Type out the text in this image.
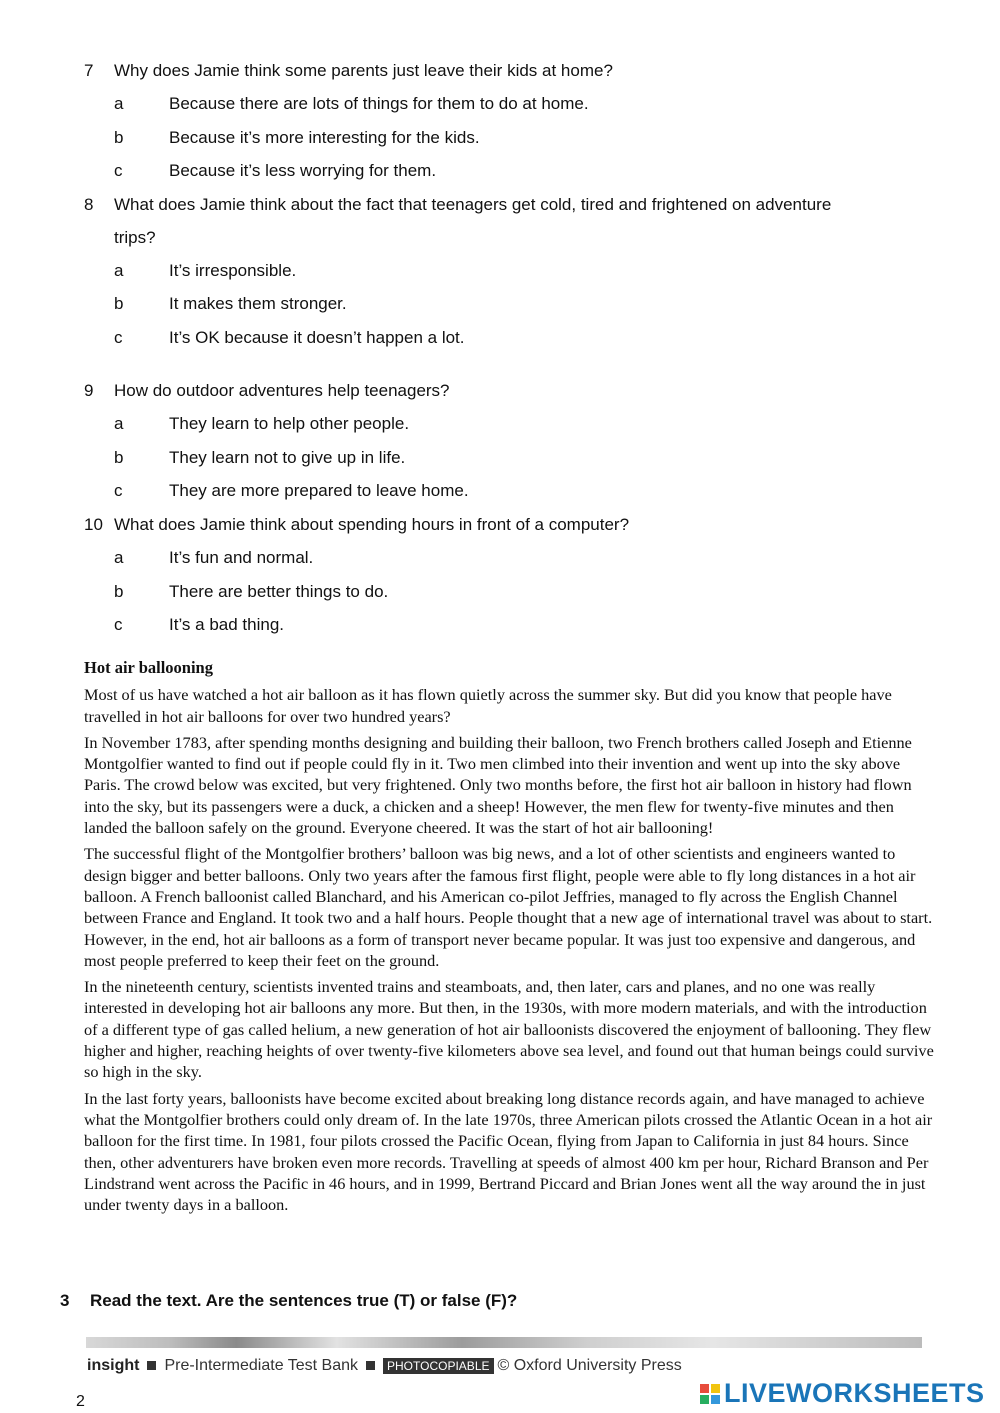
7 Why does Jamie think some parents just leave their kids at home?
a	Because there are lots of things for them to do at home.
b	Because it’s more interesting for the kids.
c	Because it’s less worrying for them.
8 What does Jamie think about the fact that teenagers get cold, tired and frightened on adventure
trips?
a	It’s irresponsible.
b	It makes them stronger.
c	It’s OK because it doesn’t happen a lot.
9 How do outdoor adventures help teenagers?
a	They learn to help other people.
b	They learn not to give up in life.
c	They are more prepared to leave home.
10 What does Jamie think about spending hours in front of a computer?
a	It’s fun and normal.
b	There are better things to do.
c	It’s a bad thing.
Hot air ballooning

Most of us have watched a hot air balloon as it has flown quietly across the summer sky. But did you know that people have travelled in hot air balloons for over two hundred years?

In November 1783, after spending months designing and building their balloon, two French brothers called Joseph and Etienne Montgolfier wanted to find out if people could fly in it. Two men climbed into their invention and went up into the sky above Paris. The crowd below was excited, but very frightened. Only two months before, the first hot air balloon in history had flown into the sky, but its passengers were a duck, a chicken and a sheep! However, the men flew for twenty-five minutes and then landed the balloon safely on the ground. Everyone cheered. It was the start of hot air ballooning!

The successful flight of the Montgolfier brothers’ balloon was big news, and a lot of other scientists and engineers wanted to design bigger and better balloons. Only two years after the famous first flight, people were able to fly long distances in a hot air balloon. A French balloonist called Blanchard, and his American co-pilot Jeffries, managed to fly across the English Channel between France and England. It took two and a half hours. People thought that a new age of international travel was about to start. However, in the end, hot air balloons as a form of transport never became popular. It was just too expensive and dangerous, and most people preferred to keep their feet on the ground.

In the nineteenth century, scientists invented trains and steamboats, and, then later, cars and planes, and no one was really interested in developing hot air balloons any more. But then, in the 1930s, with more modern materials, and with the introduction of a different type of gas called helium, a new generation of hot air balloonists discovered the enjoyment of ballooning. They flew higher and higher, reaching heights of over twenty-five kilometers above sea level, and found out that human beings could survive so high in the sky.

In the last forty years, balloonists have become excited about breaking long distance records again, and have managed to achieve what the Montgolfier brothers could only dream of. In the late 1970s, three American pilots crossed the Atlantic Ocean in a hot air balloon for the first time. In 1981, four pilots crossed the Pacific Ocean, flying from Japan to California in just 84 hours. Since then, other adventurers have broken even more records. Travelling at speeds of almost 400 km per hour, Richard Branson and Per Lindstrand went across the Pacific in 46 hours, and in 1999, Bertrand Piccard and Brian Jones went all the way around the in just under twenty days in a balloon.

3 Read the text. Are the sentences true (T) or false (F)?
insight Pre-Intermediate Test Bank PHOTOCOPIABLE © Oxford University Press
2	LIVEWORKSHEETS
